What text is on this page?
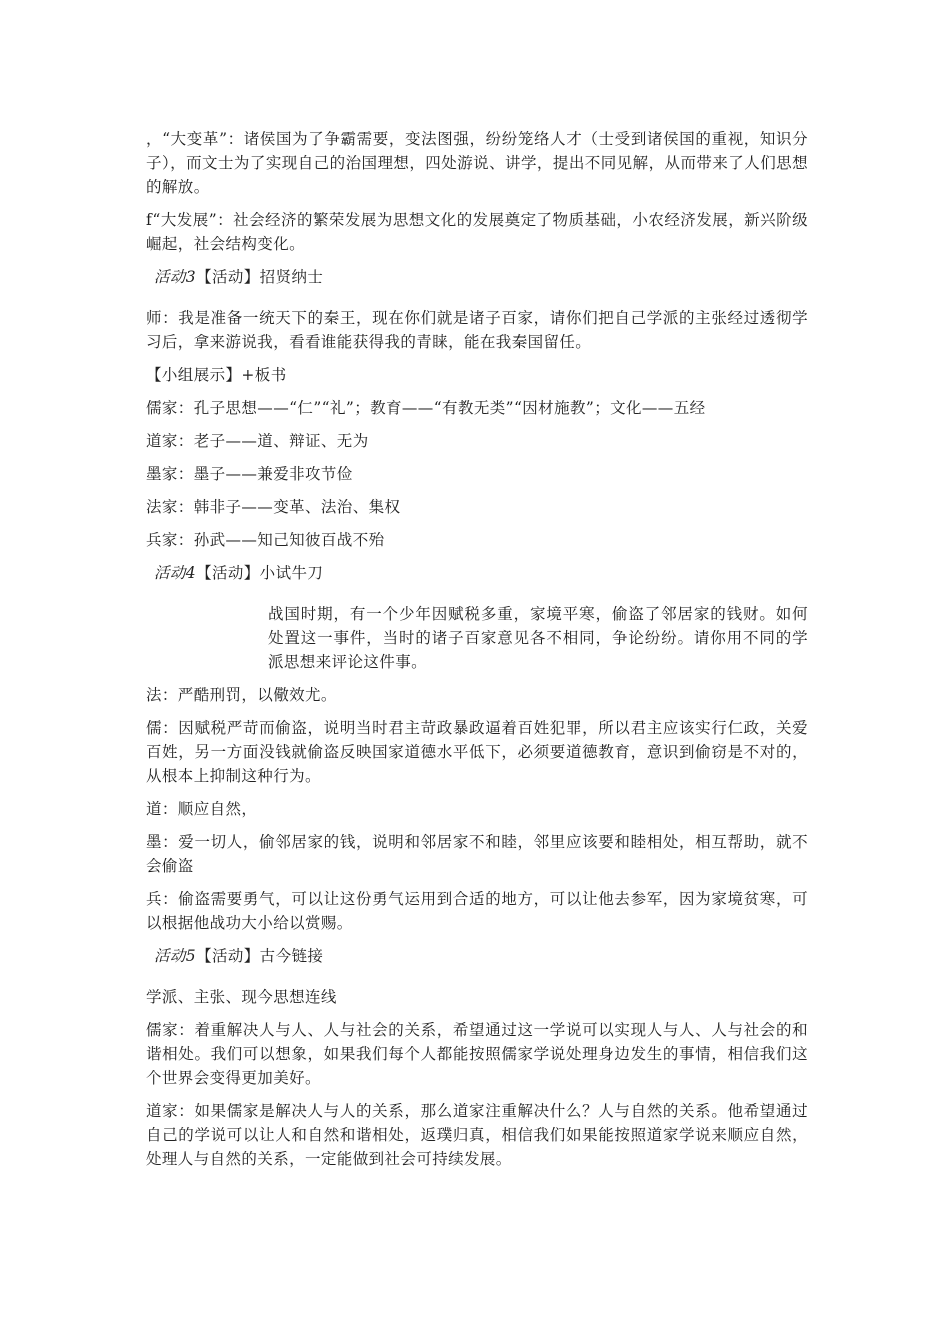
，“大变革”：诸侯国为了争霸需要，变法图强，纷纷笼络人才（士受到诸侯国的重视，知识分子），而文士为了实现自己的治国理想，四处游说、讲学，提出不同见解，从而带来了人们思想的解放。

f“大发展”：社会经济的繁荣发展为思想文化的发展奠定了物质基础，小农经济发展，新兴阶级崛起，社会结构变化。

活动3【活动】招贤纳士

师：我是准备一统天下的秦王，现在你们就是诸子百家，请你们把自己学派的主张经过透彻学习后，拿来游说我，看看谁能获得我的青睐，能在我秦国留任。

【小组展示】+板书

儒家：孔子思想——“仁”“礼”；教育——“有教无类”“因材施教”；文化——五经

道家：老子——道、辩证、无为

墨家：墨子——兼爱非攻节俭

法家：韩非子——变革、法治、集权

兵家：孙武——知己知彼百战不殆

活动4【活动】小试牛刀

战国时期，有一个少年因赋税多重，家境平寒，偷盗了邻居家的钱财。如何处置这一事件，当时的诸子百家意见各不相同，争论纷纷。请你用不同的学派思想来评论这件事。

法：严酷刑罚，以儆效尤。

儒：因赋税严苛而偷盗，说明当时君主苛政暴政逼着百姓犯罪，所以君主应该实行仁政，关爱百姓，另一方面没钱就偷盗反映国家道德水平低下，必须要道德教育，意识到偷窃是不对的，从根本上抑制这种行为。

道：顺应自然，

墨：爱一切人，偷邻居家的钱，说明和邻居家不和睦，邻里应该要和睦相处，相互帮助，就不会偷盗

兵：偷盗需要勇气，可以让这份勇气运用到合适的地方，可以让他去参军，因为家境贫寒，可以根据他战功大小给以赏赐。

活动5【活动】古今链接

学派、主张、现今思想连线

儒家：着重解决人与人、人与社会的关系，希望通过这一学说可以实现人与人、人与社会的和谐相处。我们可以想象，如果我们每个人都能按照儒家学说处理身边发生的事情，相信我们这个世界会变得更加美好。

道家：如果儒家是解决人与人的关系，那么道家注重解决什么？人与自然的关系。他希望通过自己的学说可以让人和自然和谐相处，返璞归真，相信我们如果能按照道家学说来顺应自然，处理人与自然的关系，一定能做到社会可持续发展。
